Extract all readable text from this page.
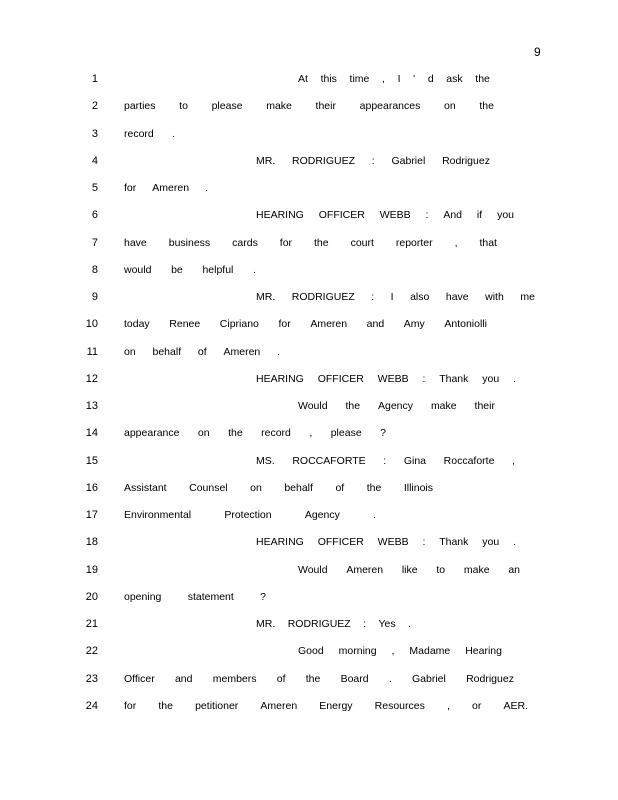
9
1	At this time , I ' d ask the
2 parties to please make their appearances on the
3 record .
4	MR. RODRIGUEZ : Gabriel Rodriguez
5 for Ameren .
6	HEARING OFFICER WEBB : And if you
7 have business cards for the court reporter , that
8 would be helpful .
9	MR. RODRIGUEZ : I also have with me
10 today Renee Cipriano for Ameren and Amy Antoniolli
11 on behalf of Ameren .
12	HEARING OFFICER WEBB : Thank you .
13	Would the Agency make their
14 appearance on the record , please ?
15	MS. ROCCAFORTE : Gina Roccaforte ,
16 Assistant Counsel on behalf of the Illinois
17 Environmental	Protection	Agency	.
18	HEARING OFFICER WEBB : Thank you .
19	Would Ameren like to make an
20 opening	statement	?
21	MR. RODRIGUEZ : Yes .
22	Good morning , Madame Hearing
23 Officer and members of the Board . Gabriel Rodriguez
24 for the petitioner Ameren Energy Resources , or AER.
